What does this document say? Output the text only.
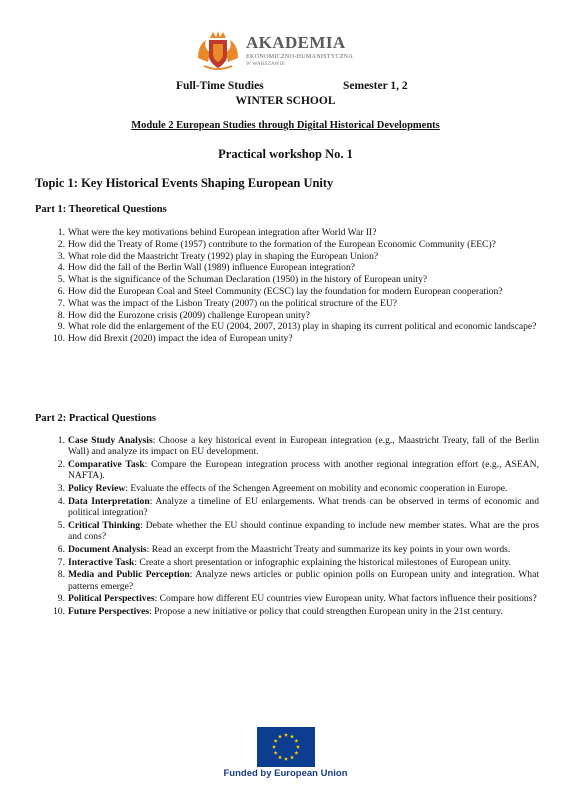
AKADEMIA
EKONOMICZNO-HUMANISTYCZNA
W WARSZAWIE
Full-Time Studies	Semester 1, 2
WINTER SCHOOL
Module 2 European Studies through Digital Historical Developments
Practical workshop No. 1
Topic 1: Key Historical Events Shaping European Unity
Part 1: Theoretical Questions
1. What were the key motivations behind European integration after World War II?
2. How did the Treaty of Rome (1957) contribute to the formation of the European Economic Community (EEC)?
3. What role did the Maastricht Treaty (1992) play in shaping the European Union?
4. How did the fall of the Berlin Wall (1989) influence European integration?
5. What is the significance of the Schuman Declaration (1950) in the history of European unity?
6. How did the European Coal and Steel Community (ECSC) lay the foundation for modern European cooperation?
7. What was the impact of the Lisbon Treaty (2007) on the political structure of the EU?
8. How did the Eurozone crisis (2009) challenge European unity?
9. What role did the enlargement of the EU (2004, 2007, 2013) play in shaping its current political and economic landscape?
10. How did Brexit (2020) impact the idea of European unity?
Part 2: Practical Questions
1. Case Study Analysis: Choose a key historical event in European integration (e.g., Maastricht Treaty, fall of the Berlin Wall) and analyze its impact on EU development.
2. Comparative Task: Compare the European integration process with another regional integration effort (e.g., ASEAN, NAFTA).
3. Policy Review: Evaluate the effects of the Schengen Agreement on mobility and economic cooperation in Europe.
4. Data Interpretation: Analyze a timeline of EU enlargements. What trends can be observed in terms of economic and political integration?
5. Critical Thinking: Debate whether the EU should continue expanding to include new member states. What are the pros and cons?
6. Document Analysis: Read an excerpt from the Maastricht Treaty and summarize its key points in your own words.
7. Interactive Task: Create a short presentation or infographic explaining the historical milestones of European unity.
8. Media and Public Perception: Analyze news articles or public opinion polls on European unity and integration. What patterns emerge?
9. Political Perspectives: Compare how different EU countries view European unity. What factors influence their positions?
10. Future Perspectives: Propose a new initiative or policy that could strengthen European unity in the 21st century.
Funded by European Union
